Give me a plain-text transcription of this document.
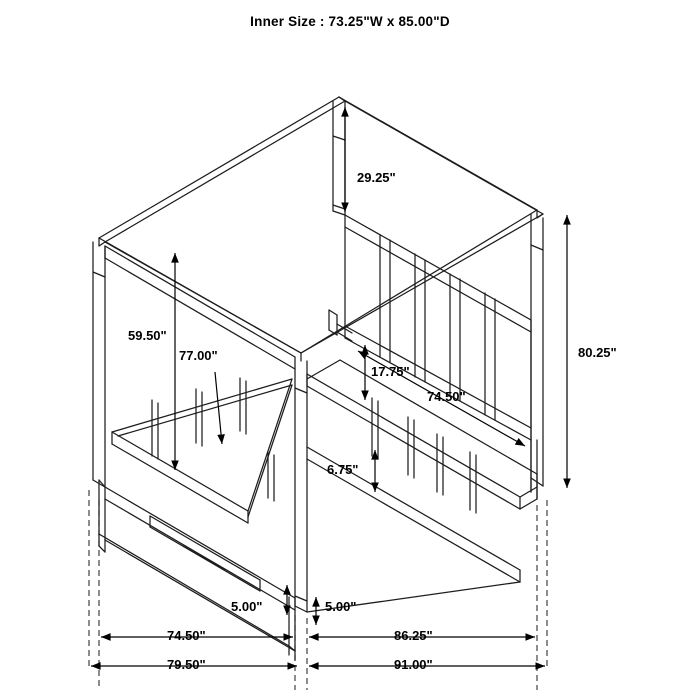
Inner Size : 73.25"W x 85.00"D
29.25"
80.25"
59.50"
77.00"
17.75"
74.50"
6.75"
5.00"	5.00"
74.50"	86.25"
79.50"	91.00"
